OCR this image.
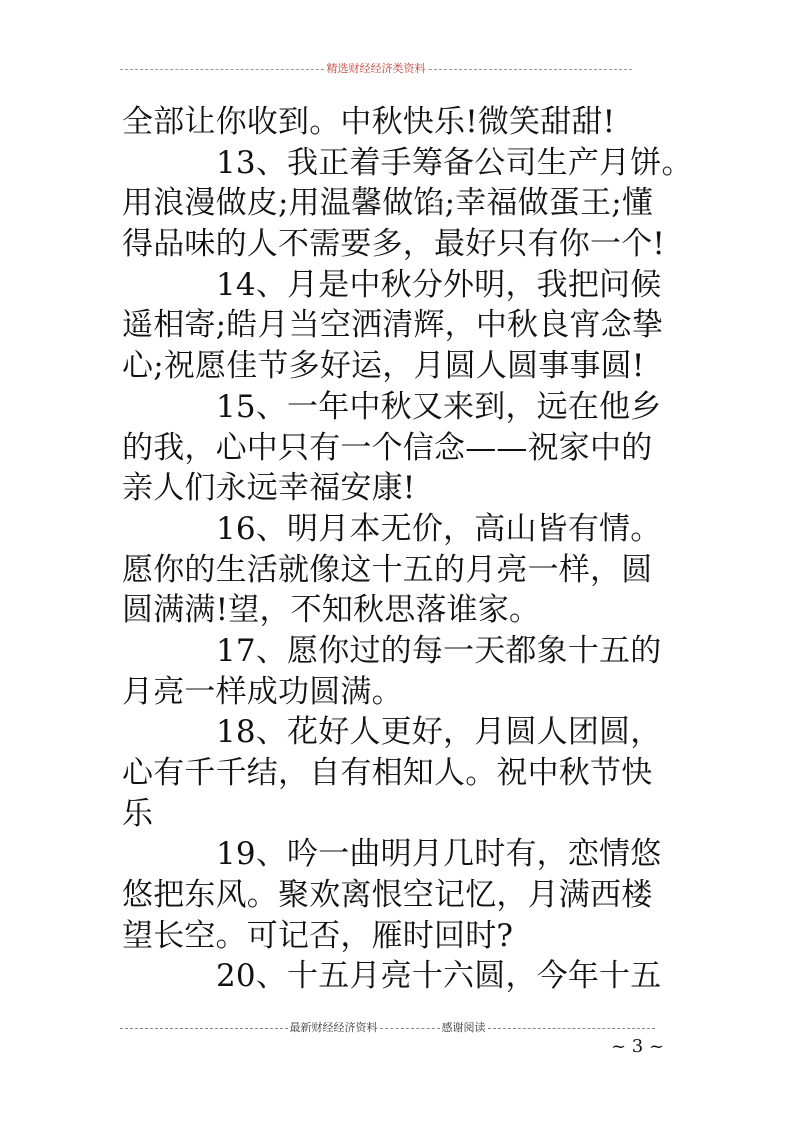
精选财经经济类资料
全部让你收到。中秋快乐!微笑甜甜!
13、我正着手筹备公司生产月饼。
用浪漫做皮;用温馨做馅;幸福做蛋王;懂
得品味的人不需要多，最好只有你一个!
14、月是中秋分外明，我把问候
遥相寄;皓月当空洒清辉，中秋良宵念挚
心;祝愿佳节多好运，月圆人圆事事圆!
15、一年中秋又来到，远在他乡
的我，心中只有一个信念——祝家中的
亲人们永远幸福安康!
16、明月本无价，高山皆有情。
愿你的生活就像这十五的月亮一样，圆
圆满满!望，不知秋思落谁家。
17、愿你过的每一天都象十五的
月亮一样成功圆满。
18、花好人更好，月圆人团圆，
心有千千结，自有相知人。祝中秋节快
乐
19、吟一曲明月几时有，恋情悠
悠把东风。聚欢离恨空记忆，月满西楼
望长空。可记否，雁时回时?
20、十五月亮十六圆，今年十五
最新财经经济资料	感谢阅读
~ 3 ~
